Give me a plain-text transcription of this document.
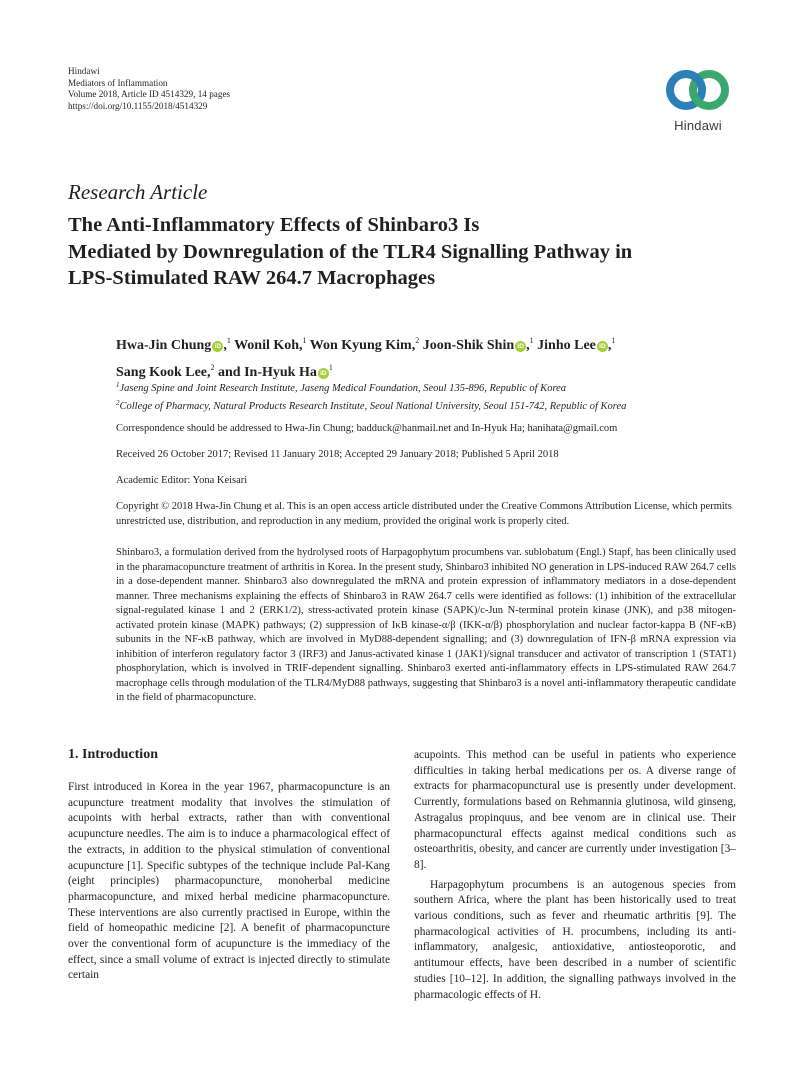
Hindawi
Mediators of Inflammation
Volume 2018, Article ID 4514329, 14 pages
https://doi.org/10.1155/2018/4514329
Hindawi
Research Article
The Anti-Inflammatory Effects of Shinbaro3 Is
Mediated by Downregulation of the TLR4 Signalling Pathway in
LPS-Stimulated RAW 264.7 Macrophages
Hwa-Jin Chung iD ,$^1$ Wonil Koh,$^1$ Won Kyung Kim,$^2$ Joon-Shik Shin iD ,$^1$ Jinho Lee iD ,$^1$
Sang Kook Lee,$^2$ and In-Hyuk Ha $iD^1$
$^1$Jaseng Spine and Joint Research Institute, Jaseng Medical Foundation, Seoul 135-896, Republic of Korea
$^2$College of Pharmacy, Natural Products Research Institute, Seoul National University, Seoul 151-742, Republic of Korea
Correspondence should be addressed to Hwa-Jin Chung; badduck@hanmail.net and In-Hyuk Ha; hanihata@gmail.com
Received 26 October 2017; Revised 11 January 2018; Accepted 29 January 2018; Published 5 April 2018
Academic Editor: Yona Keisari
Copyright © 2018 Hwa-Jin Chung et al. This is an open access article distributed under the Creative Commons Attribution License, which permits unrestricted use, distribution, and reproduction in any medium, provided the original work is properly cited.
Shinbaro3, a formulation derived from the hydrolysed roots of Harpagophytum procumbens var. sublobatum (Engl.) Stapf, has been clinically used in the pharamacopuncture treatment of arthritis in Korea. In the present study, Shinbaro3 inhibited NO generation in LPS-induced RAW 264.7 cells in a dose-dependent manner. Shinbaro3 also downregulated the mRNA and protein expression of inflammatory mediators in a dose-dependent manner. Three mechanisms explaining the effects of Shinbaro3 in RAW 264.7 cells were identified as follows: (1) inhibition of the extracellular signal-regulated kinase 1 and 2 (ERK1/2), stress-activated protein kinase (SAPK)/c-Jun N-terminal protein kinase (JNK), and p38 mitogen-activated protein kinase (MAPK) pathways; (2) suppression of IκB kinase-α/β (IKK-α/β) phosphorylation and nuclear factor-kappa B (NF-κB) subunits in the NF-κB pathway, which are involved in MyD88-dependent signalling; and (3) downregulation of IFN-β mRNA expression via inhibition of interferon regulatory factor 3 (IRF3) and Janus-activated kinase 1 (JAK1)/signal transducer and activator of transcription 1 (STAT1) phosphorylation, which is involved in TRIF-dependent signalling. Shinbaro3 exerted anti-inflammatory effects in LPS-stimulated RAW 264.7 macrophage cells through modulation of the TLR4/MyD88 pathways, suggesting that Shinbaro3 is a novel anti-inflammatory therapeutic candidate in the field of pharmacopuncture.
1. Introduction

First introduced in Korea in the year 1967, pharmacopuncture is an acupuncture treatment modality that involves the stimulation of acupoints with herbal extracts, rather than with conventional acupuncture needles. The aim is to induce a pharmacological effect of the extracts, in addition to the physical stimulation of conventional acupuncture [1]. Specific subtypes of the technique include Pal-Kang (eight principles) pharmacopuncture, monoherbal medicine pharmacopuncture, and mixed herbal medicine pharmacopuncture. These interventions are also currently practised in Europe, within the field of homeopathic medicine [2]. A benefit of pharmacopuncture over the conventional form of acupuncture is the immediacy of the effect, since a small volume of extract is injected directly to stimulate certain

acupoints. This method can be useful in patients who experience difficulties in taking herbal medications per os. A diverse range of extracts for pharmacopunctural use is presently under development. Currently, formulations based on Rehmannia glutinosa, wild ginseng, Astragalus propinquus, and bee venom are in clinical use. Their pharmacopunctural effects against medical conditions such as osteoarthritis, obesity, and cancer are currently under investigation [3–8].

Harpagophytum procumbens is an autogenous species from southern Africa, where the plant has been historically used to treat various conditions, such as fever and rheumatic arthritis [9]. The pharmacological activities of H. procumbens, including its anti-inflammatory, analgesic, antioxidative, antiosteoporotic, and antitumour effects, have been described in a number of scientific studies [10–12]. In addition, the signalling pathways involved in the pharmacologic effects of H.
